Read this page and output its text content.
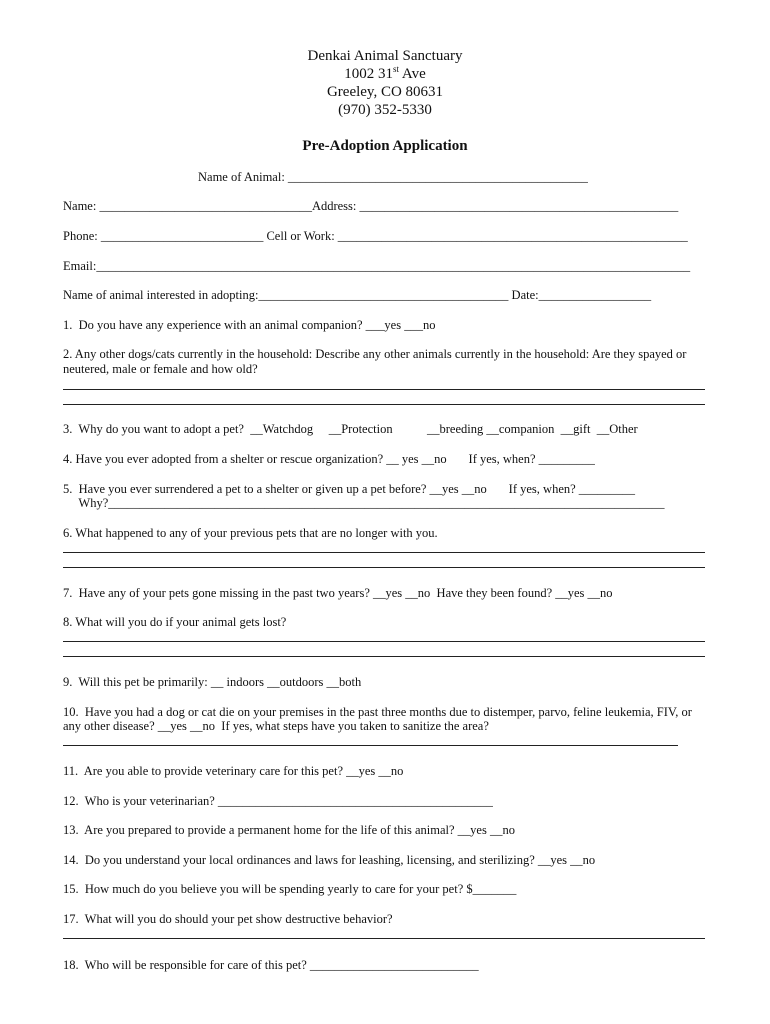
Denkai Animal Sanctuary
1002 31st Ave
Greeley, CO 80631
(970) 352-5330
Pre-Adoption Application
Name of Animal: ________________________________________________
Name: __________________________________Address: ___________________________________________________
Phone: __________________________ Cell or Work: ________________________________________________________
Email:_______________________________________________________________________________________________
Name of animal interested in adopting:________________________________________ Date:__________________
1.  Do you have any experience with an animal companion? ___yes ___no
2. Any other dogs/cats currently in the household: Describe any other animals currently in the household: Are they spayed or
neutered, male or female and how old?
3.  Why do you want to adopt a pet?  __Watchdog     __Protection           __breeding __companion  __gift  __Other
4. Have you ever adopted from a shelter or rescue organization? __ yes __no       If yes, when? _________
5.  Have you ever surrendered a pet to a shelter or given up a pet before? __yes __no       If yes, when? _________
Why?_________________________________________________________________________________________
6. What happened to any of your previous pets that are no longer with you.
7.  Have any of your pets gone missing in the past two years? __yes __no  Have they been found? __yes __no
8. What will you do if your animal gets lost?
9.  Will this pet be primarily: __ indoors __outdoors __both
10.  Have you had a dog or cat die on your premises in the past three months due to distemper, parvo, feline leukemia, FIV, or
any other disease? __yes __no  If yes, what steps have you taken to sanitize the area?
11.  Are you able to provide veterinary care for this pet? __yes __no
12.  Who is your veterinarian? ____________________________________________
13.  Are you prepared to provide a permanent home for the life of this animal? __yes __no
14.  Do you understand your local ordinances and laws for leashing, licensing, and sterilizing? __yes __no
15.  How much do you believe you will be spending yearly to care for your pet? $_______
17.  What will you do should your pet show destructive behavior?
18.  Who will be responsible for care of this pet? ___________________________
